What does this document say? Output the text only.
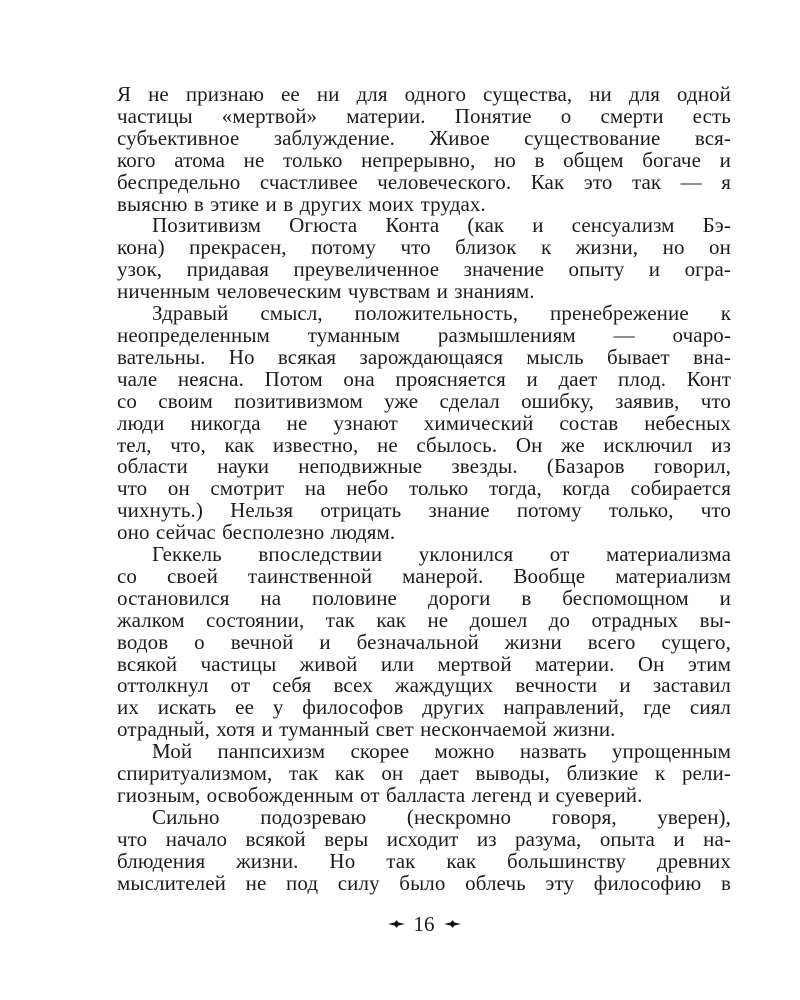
Я не признаю ее ни для одного существа, ни для одной
частицы «мертвой» материи. Понятие о смерти есть
субъективное заблуждение. Живое существование вся-
кого атома не только непрерывно, но в общем богаче и
беспредельно счастливее человеческого. Как это так — я
выясню в этике и в других моих трудах.
Позитивизм Огюста Конта (как и сенсуализм Бэ-
кона) прекрасен, потому что близок к жизни, но он
узок, придавая преувеличенное значение опыту и огра-
ниченным человеческим чувствам и знаниям.
Здравый смысл, положительность, пренебрежение к
неопределенным туманным размышлениям — очаро-
вательны. Но всякая зарождающаяся мысль бывает вна-
чале неясна. Потом она проясняется и дает плод. Конт
со своим позитивизмом уже сделал ошибку, заявив, что
люди никогда не узнают химический состав небесных
тел, что, как известно, не сбылось. Он же исключил из
области науки неподвижные звезды. (Базаров говорил,
что он смотрит на небо только тогда, когда собирается
чихнуть.) Нельзя отрицать знание потому только, что
оно сейчас бесполезно людям.
Геккель впоследствии уклонился от материализма
со своей таинственной манерой. Вообще материализм
остановился на половине дороги в беспомощном и
жалком состоянии, так как не дошел до отрадных вы-
водов о вечной и безначальной жизни всего сущего,
всякой частицы живой или мертвой материи. Он этим
оттолкнул от себя всех жаждущих вечности и заставил
их искать ее у философов других направлений, где сиял
отрадный, хотя и туманный свет нескончаемой жизни.
Мой панпсихизм скорее можно назвать упрощенным
спиритуализмом, так как он дает выводы, близкие к рели-
гиозным, освобожденным от балласта легенд и суеверий.
Сильно подозреваю (нескромно говоря, уверен),
что начало всякой веры исходит из разума, опыта и на-
блюдения жизни. Но так как большинству древних
мыслителей не под силу было облечь эту философию в
16
